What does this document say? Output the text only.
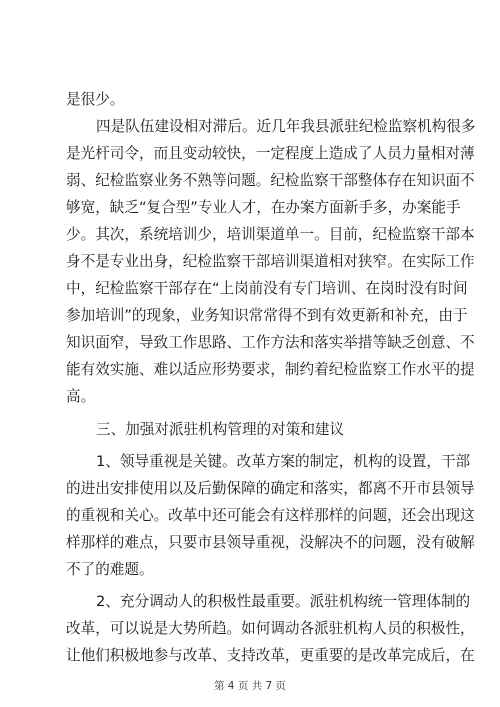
是很少。
四是队伍建设相对滞后。近几年我县派驻纪检监察机构很多
是光杆司令，而且变动较快，一定程度上造成了人员力量相对薄
弱、纪检监察业务不熟等问题。纪检监察干部整体存在知识面不
够宽，缺乏“复合型”专业人才，在办案方面新手多，办案能手
少。其次，系统培训少，培训渠道单一。目前，纪检监察干部本
身不是专业出身，纪检监察干部培训渠道相对狭窄。在实际工作
中，纪检监察干部存在“上岗前没有专门培训、在岗时没有时间
参加培训”的现象，业务知识常常得不到有效更新和补充，由于
知识面窄，导致工作思路、工作方法和落实举措等缺乏创意、不
能有效实施、难以适应形势要求，制约着纪检监察工作水平的提
高。
三、加强对派驻机构管理的对策和建议
1、领导重视是关键。改革方案的制定，机构的设置，干部
的进出安排使用以及后勤保障的确定和落实，都离不开市县领导
的重视和关心。改革中还可能会有这样那样的问题，还会出现这
样那样的难点，只要市县领导重视，没解决不的问题，没有破解
不了的难题。
2、充分调动人的积极性最重要。派驻机构统一管理体制的
改革，可以说是大势所趋。如何调动各派驻机构人员的积极性，
让他们积极地参与改革、支持改革，更重要的是改革完成后，在
第 4 页 共 7 页
